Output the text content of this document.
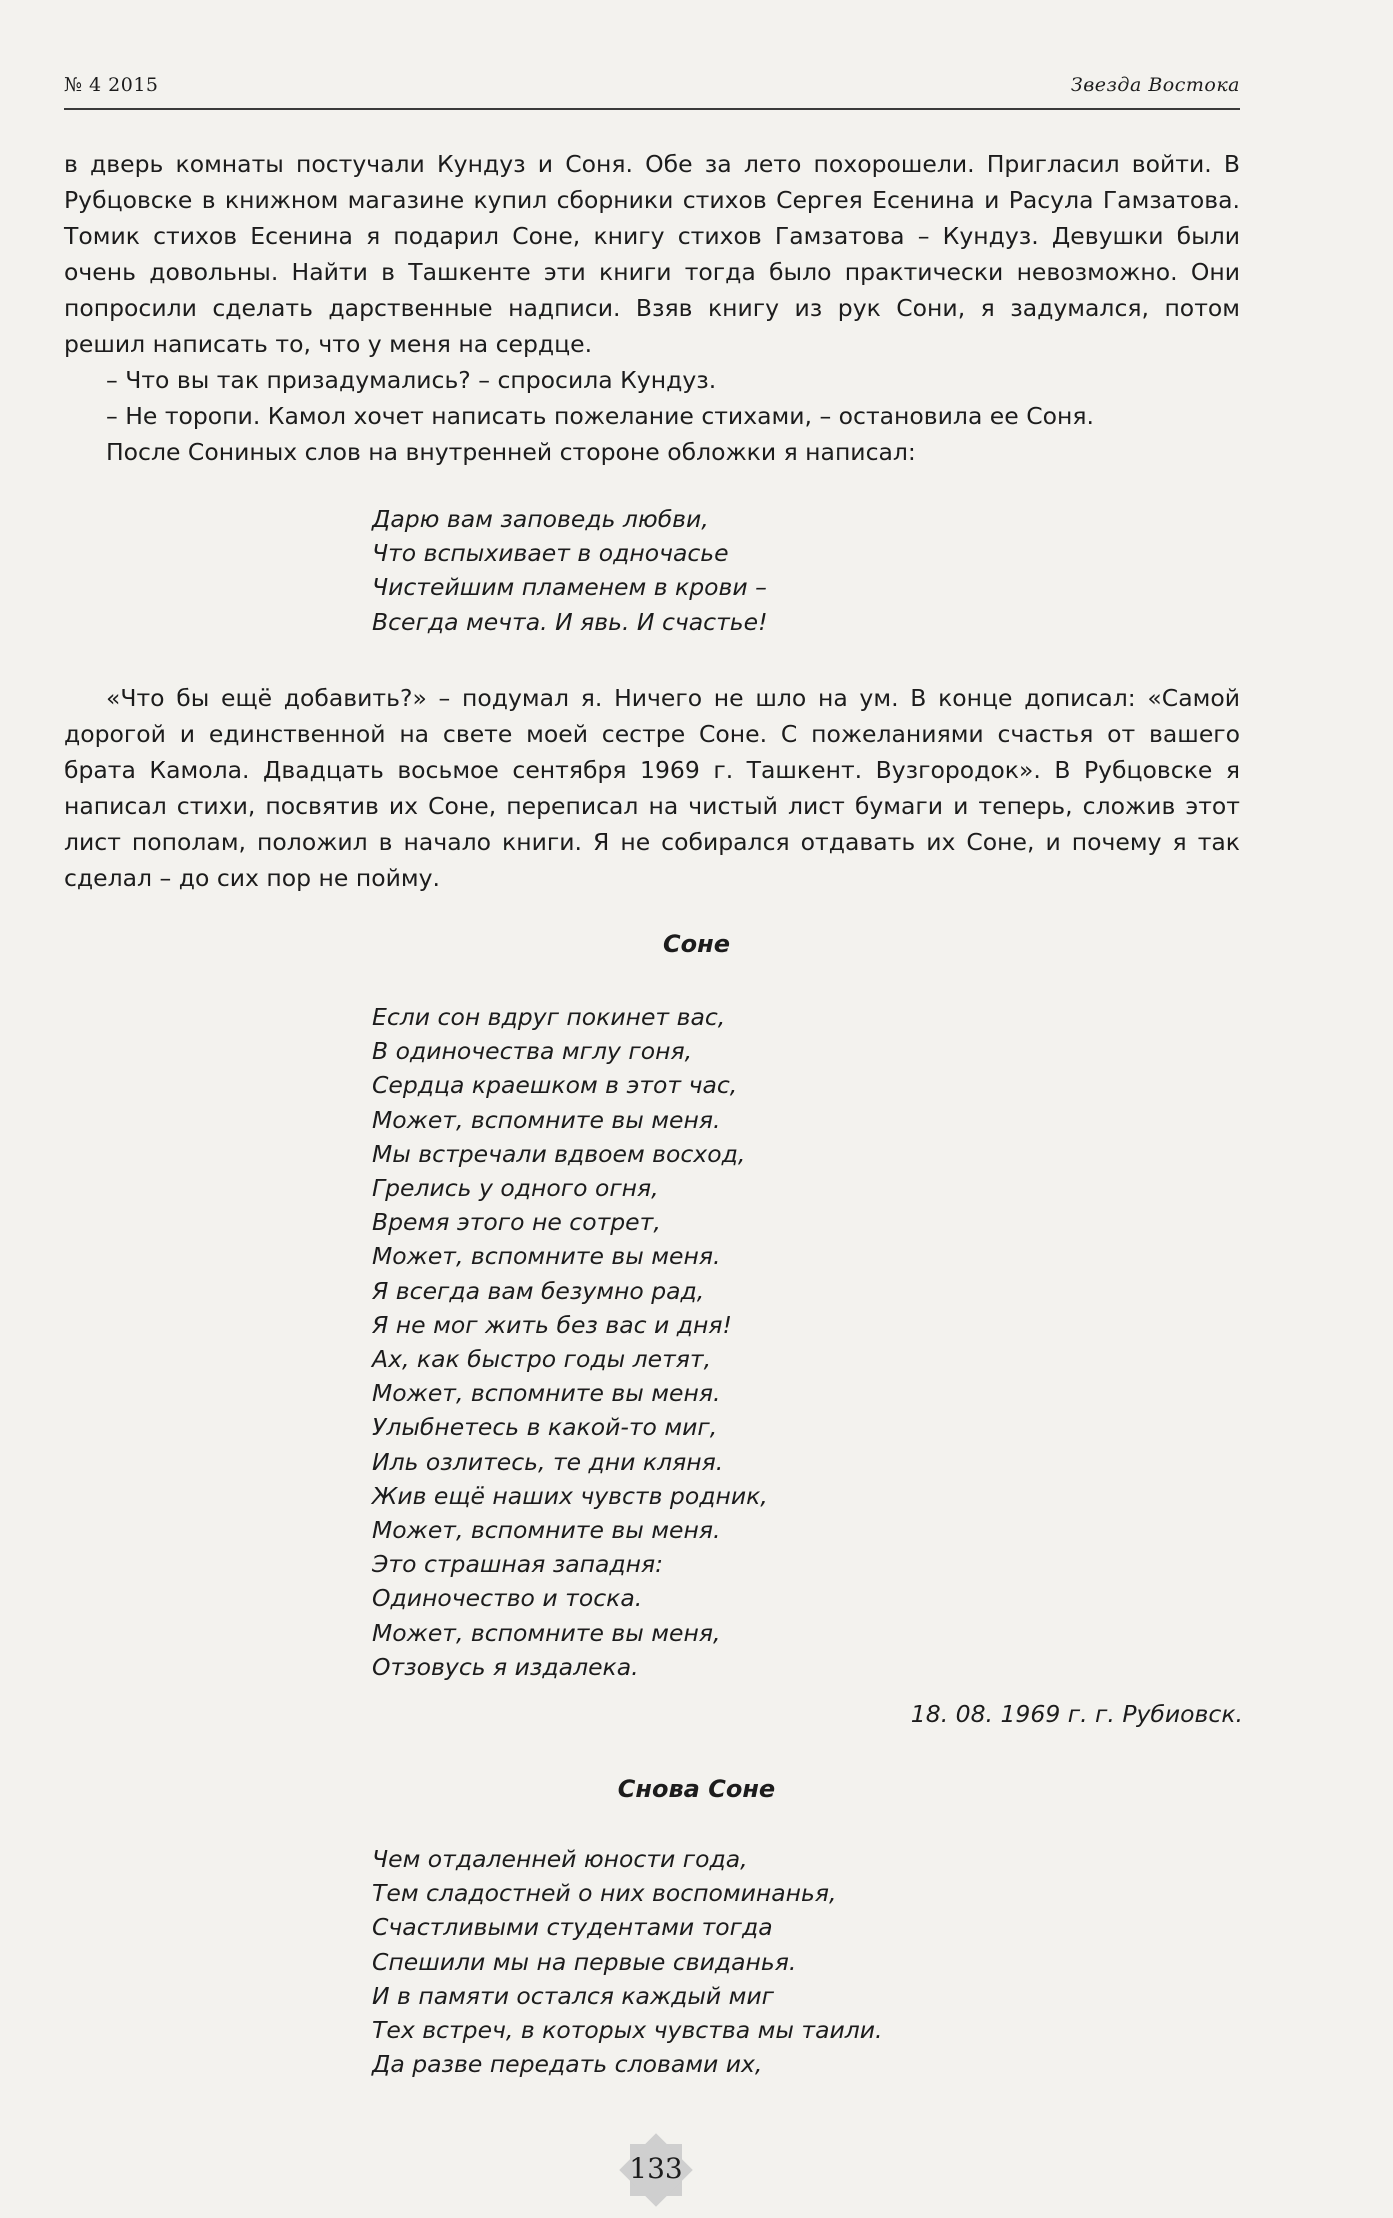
№ 4 2015	Звезда Востока

в дверь комнаты постучали Кундуз и Соня. Обе за лето похорошели. Пригласил войти. В Рубцовске в книжном магазине купил сборники стихов Сергея Есенина и Расула Гамзатова. Томик стихов Есенина я подарил Соне, книгу стихов Гамзатова – Кундуз. Девушки были очень довольны. Найти в Ташкенте эти книги тогда было практически невозможно. Они попросили сделать дарственные надписи. Взяв книгу из рук Сони, я задумался, потом решил написать то, что у меня на сердце.

– Что вы так призадумались? – спросила Кундуз.

– Не торопи. Камол хочет написать пожелание стихами, – остановила ее Соня.

После Сониных слов на внутренней стороне обложки я написал:

Дарю вам заповедь любви,
Что вспыхивает в одночасье
Чистейшим пламенем в крови –
Всегда мечта. И явь. И счастье!

«Что бы ещё добавить?» – подумал я. Ничего не шло на ум. В конце дописал: «Самой дорогой и единственной на свете моей сестре Соне. С пожеланиями счастья от вашего брата Камола. Двадцать восьмое сентября 1969 г. Ташкент. Вузгородок». В Рубцовске я написал стихи, посвятив их Соне, переписал на чистый лист бумаги и теперь, сложив этот лист пополам, положил в начало книги. Я не собирался отдавать их Соне, и почему я так сделал – до сих пор не пойму.

Соне
Если сон вдруг покинет вас,
В одиночества мглу гоня,
Сердца краешком в этот час,
Может, вспомните вы меня.
Мы встречали вдвоем восход,
Грелись у одного огня,
Время этого не сотрет,
Может, вспомните вы меня.
Я всегда вам безумно рад,
Я не мог жить без вас и дня!
Ах, как быстро годы летят,
Может, вспомните вы меня.
Улыбнетесь в какой-то миг,
Иль озлитесь, те дни кляня.
Жив ещё наших чувств родник,
Может, вспомните вы меня.
Это страшная западня:
Одиночество и тоска.
Может, вспомните вы меня,
Отзовусь я издалека.
18. 08. 1969 г. г. Рубиовск.
Снова Соне
Чем отдаленней юности года,
Тем сладостней о них воспоминанья,
Счастливыми студентами тогда
Спешили мы на первые свиданья.
И в памяти остался каждый миг
Тех встреч, в которых чувства мы таили.
Да разве передать словами их,
133
